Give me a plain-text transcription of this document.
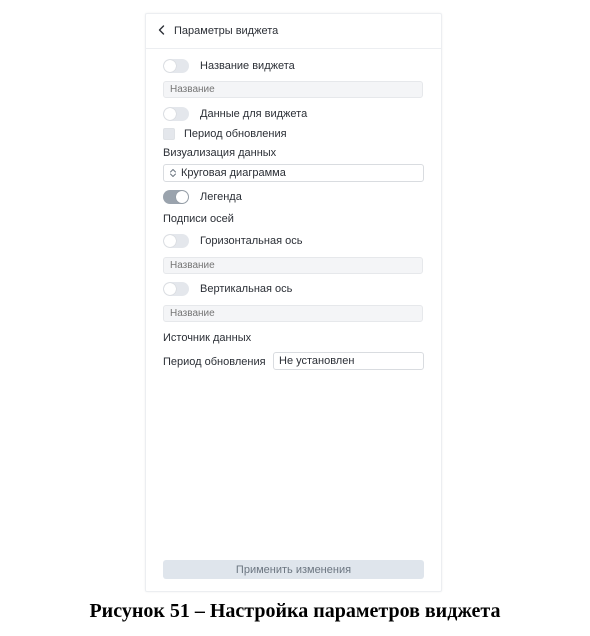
Параметры виджета
Название виджета
Название
Данные для виджета
Период обновления
Визуализация данных
Круговая диаграмма
Легенда
Подписи осей
Горизонтальная ось
Название
Вертикальная ось
Название
Источник данных
Период обновления	Не установлен
Применить изменения
Рисунок 51 – Настройка параметров виджета
